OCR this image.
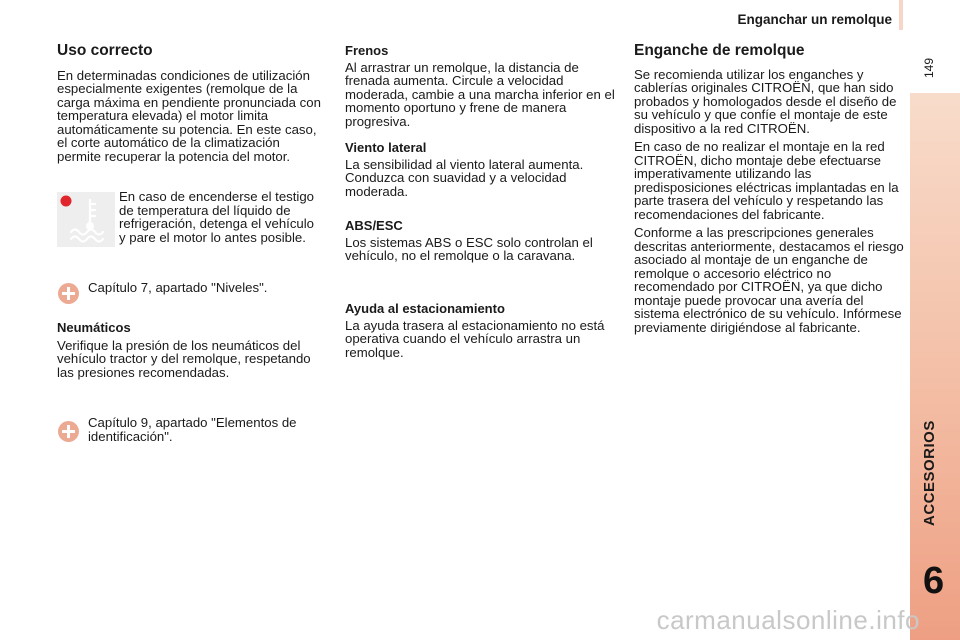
Enganchar un remolque
149
ACCESORIOS
6
Uso correcto

En determinadas condiciones de utilización especialmente exigentes (remolque de la carga máxima en pendiente pronunciada con temperatura elevada) el motor limita automáticamente su potencia. En este caso, el corte automático de la climatización permite recuperar la potencia del motor.

En caso de encenderse el testigo de temperatura del líquido de refrigeración, detenga el vehículo y pare el motor lo antes posible.

Capítulo 7, apartado "Niveles".

Neumáticos

Verifique la presión de los neumáticos del vehículo tractor y del remolque, respetando las presiones recomendadas.

Capítulo 9, apartado "Elementos de identificación".

Frenos

Al arrastrar un remolque, la distancia de frenada aumenta. Circule a velocidad moderada, cambie a una marcha inferior en el momento oportuno y frene de manera progresiva.

Viento lateral

La sensibilidad al viento lateral aumenta. Conduzca con suavidad y a velocidad moderada.

ABS/ESC

Los sistemas ABS o ESC solo controlan el vehículo, no el remolque o la caravana.

Ayuda al estacionamiento

La ayuda trasera al estacionamiento no está operativa cuando el vehículo arrastra un remolque.

Enganche de remolque

Se recomienda utilizar los enganches y cablerías originales CITROËN, que han sido probados y homologados desde el diseño de su vehículo y que confíe el montaje de este dispositivo a la red CITROËN.

En caso de no realizar el montaje en la red CITROËN, dicho montaje debe efectuarse imperativamente utilizando las predisposiciones eléctricas implantadas en la parte trasera del vehículo y respetando las recomendaciones del fabricante.

Conforme a las prescripciones generales descritas anteriormente, destacamos el riesgo asociado al montaje de un enganche de remolque o accesorio eléctrico no recomendado por CITROËN, ya que dicho montaje puede provocar una avería del sistema electrónico de su vehículo. Infórmese previamente dirigiéndose al fabricante.

carmanualsonline.info
